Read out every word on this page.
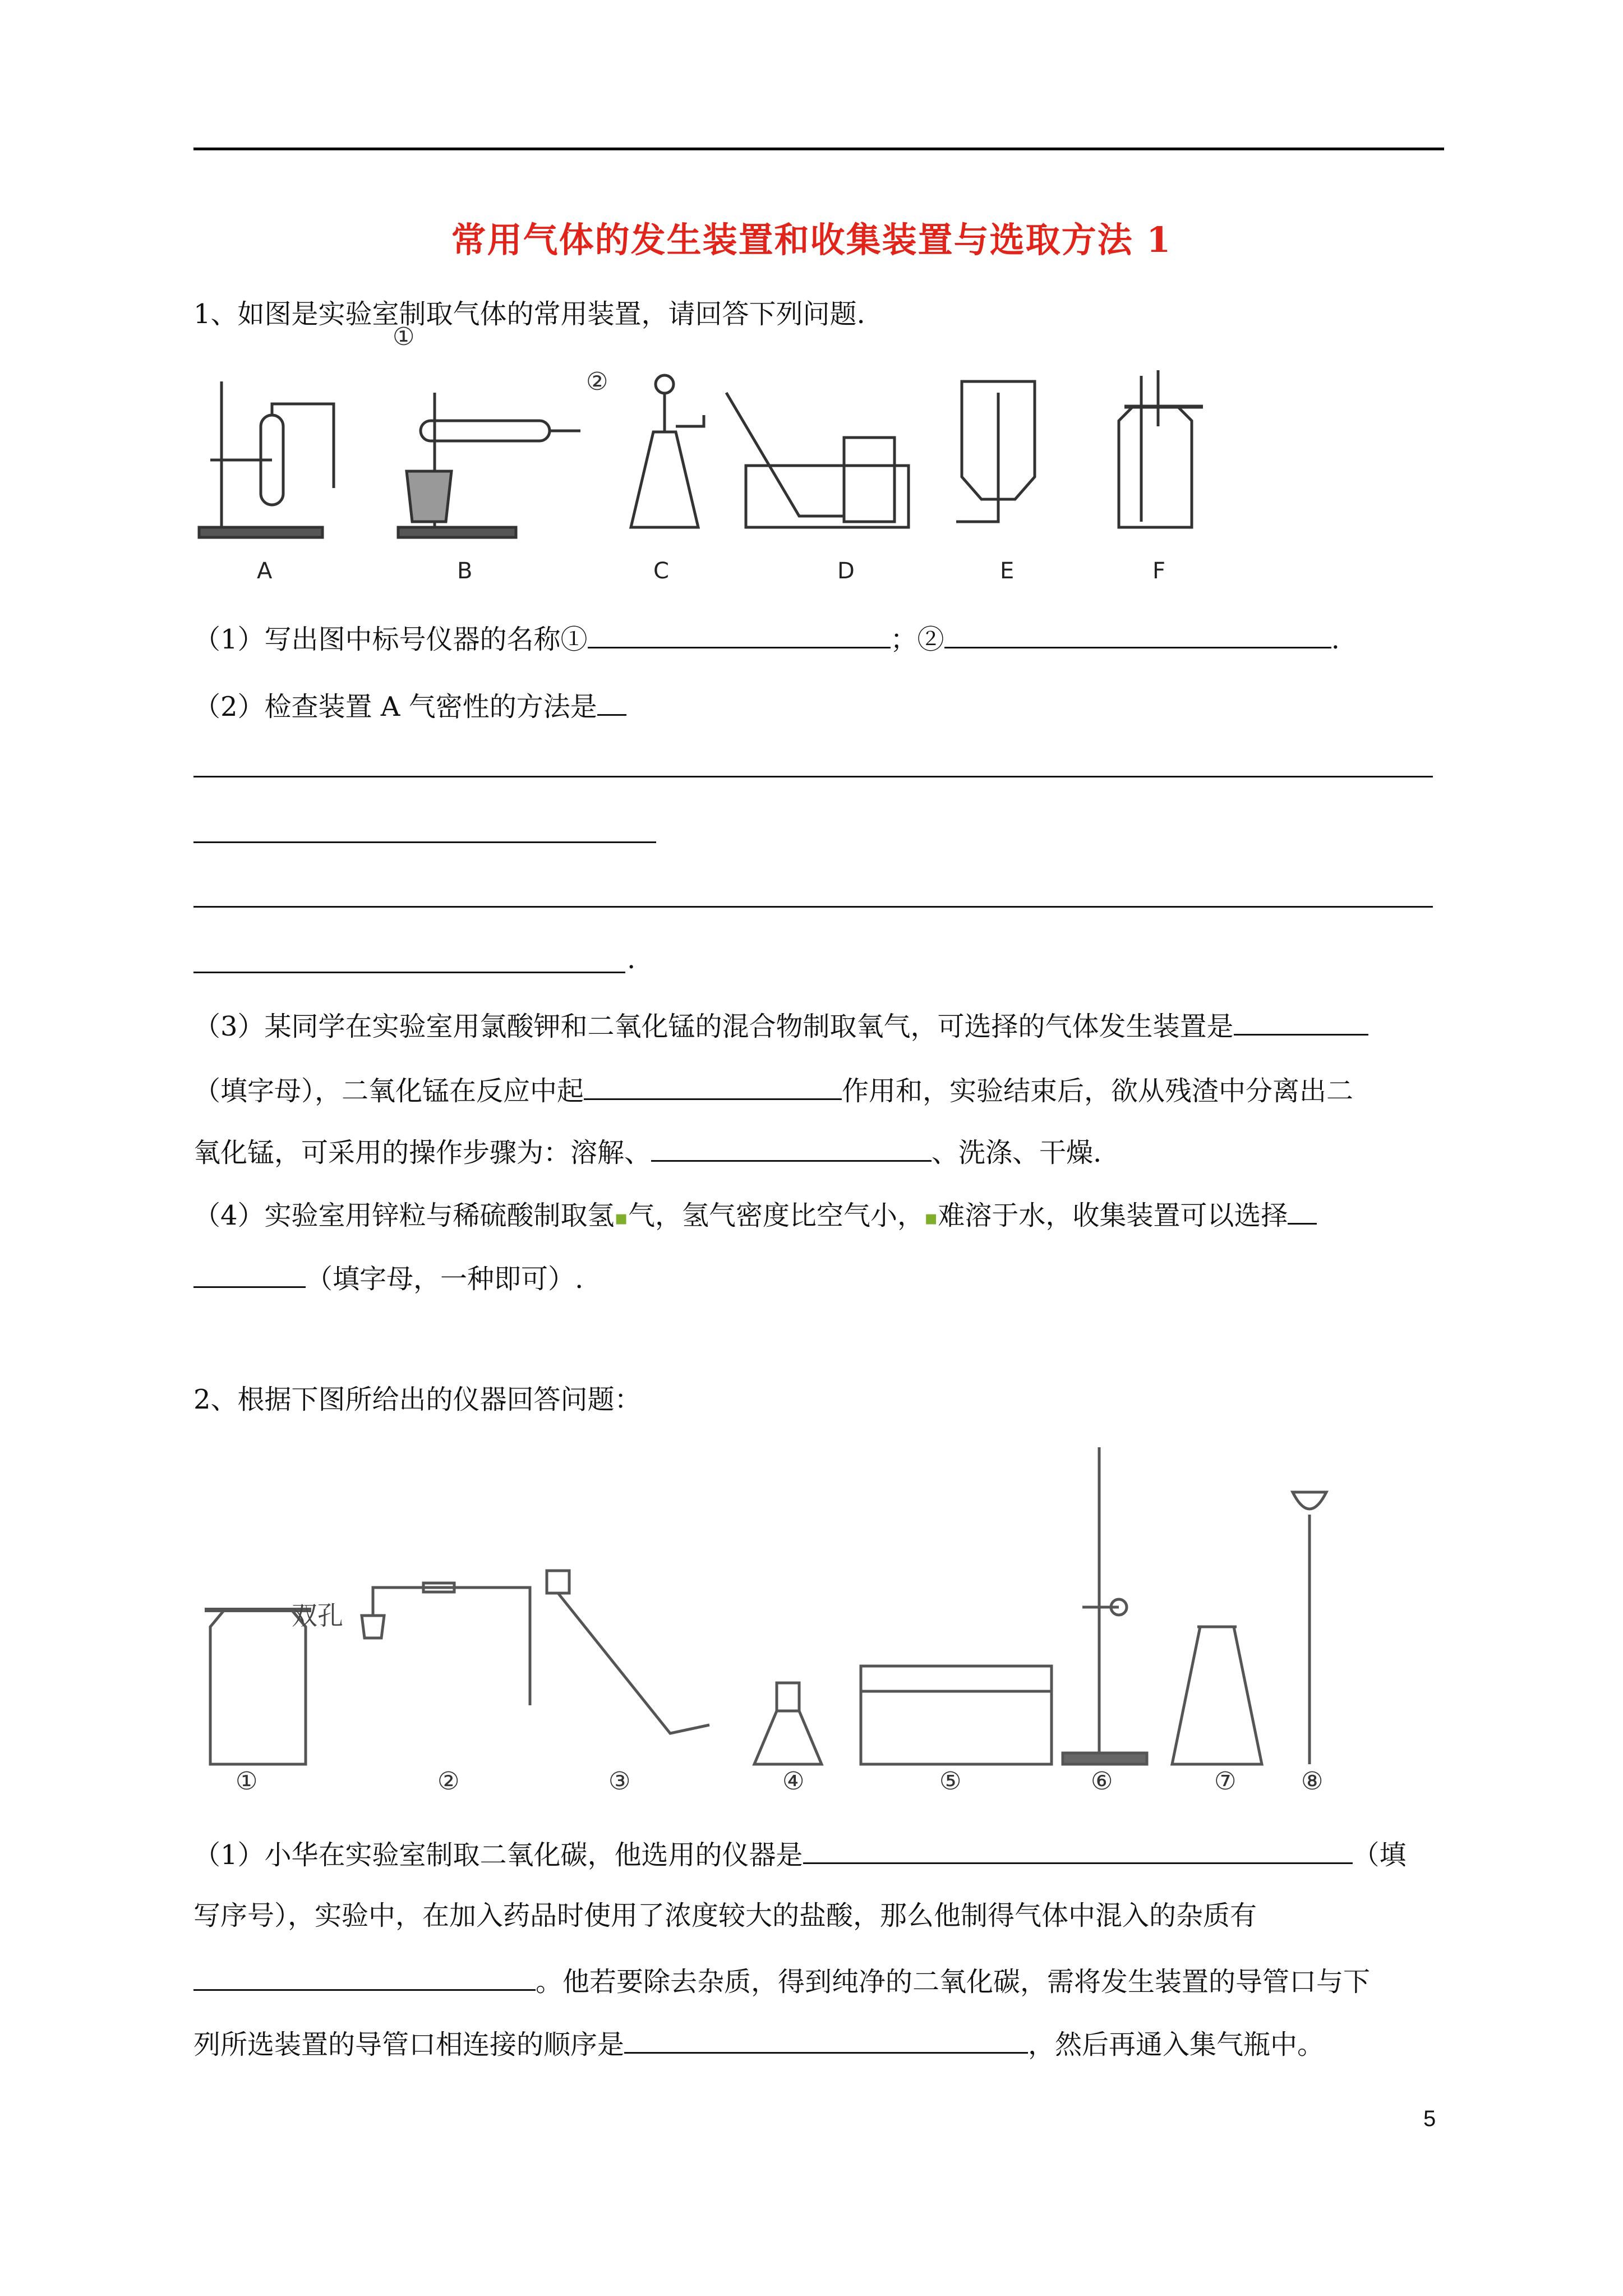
常用气体的发生装置和收集装置与选取方法 1
1、如图是实验室制取气体的常用装置，请回答下列问题.
①
②
A	B	C	D	E	F
（1）写出图中标号仪器的名称①	；②	.
（2）检查装置 A 气密性的方法是
.
（3）某同学在实验室用氯酸钾和二氧化锰的混合物制取氧气，可选择的气体发生装置是
（填字母），二氧化锰在反应中起	作用和，实验结束后，欲从残渣中分离出二
氧化锰，可采用的操作步骤为：溶解、	、洗涤、干燥.
（4）实验室用锌粒与稀硫酸制取氢▪气，氢气密度比空气小，▪难溶于水，收集装置可以选择
（填字母，一种即可）.
2、根据下图所给出的仪器回答问题：
双孔
①	②	③	④	⑤	⑥	⑦	⑧
（1）小华在实验室制取二氧化碳，他选用的仪器是	（填
写序号），实验中，在加入药品时使用了浓度较大的盐酸，那么他制得气体中混入的杂质有
。他若要除去杂质，得到纯净的二氧化碳，需将发生装置的导管口与下
列所选装置的导管口相连接的顺序是	，然后再通入集气瓶中。
5
